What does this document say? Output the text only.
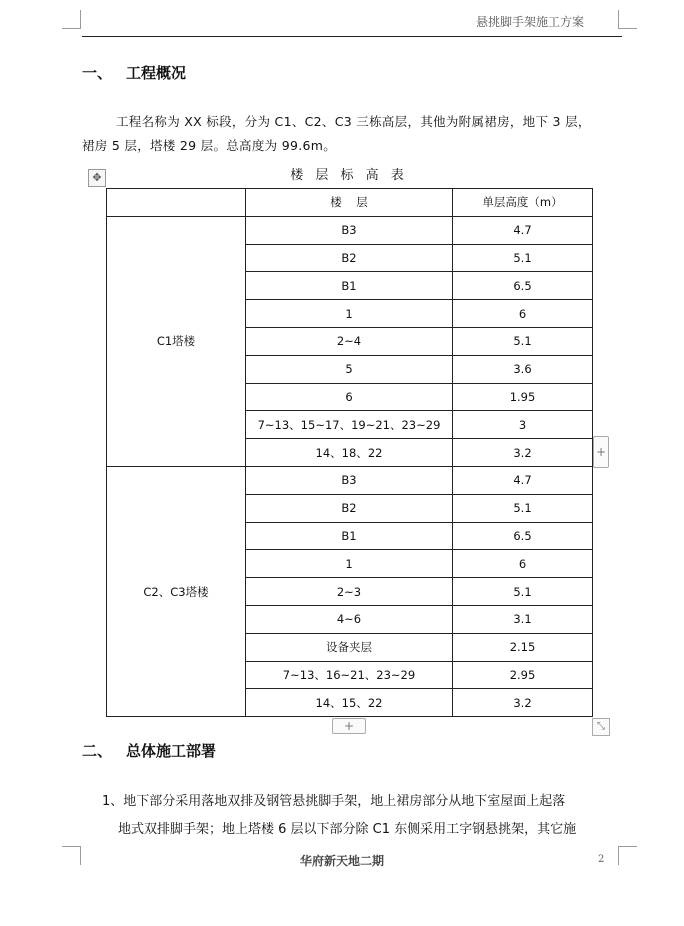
悬挑脚手架施工方案
一、 工程概况
工程名称为 XX 标段，分为 C1、C2、C3 三栋高层，其他为附属裙房，地下 3 层，
裙房 5 层，塔楼 29 层。总高度为 99.6m。
楼 层 标 高 表
✥
+
+	⤡
	楼    层	单层高度（m）
C1塔楼	B3	4.7
	B2	5.1
	B1	6.5
	1	6
	2~4	5.1
	5	3.6
	6	1.95
	7~13、15~17、19~21、23~29	3
	14、18、22	3.2
C2、C3塔楼	B3	4.7
	B2	5.1
	B1	6.5
	1	6
	2~3	5.1
	4~6	3.1
	设备夹层	2.15
	7~13、16~21、23~29	2.95
	14、15、22	3.2
二、 总体施工部署
1、地下部分采用落地双排及钢管悬挑脚手架，地上裙房部分从地下室屋面上起落
地式双排脚手架；地上塔楼 6 层以下部分除 C1 东侧采用工字钢悬挑架，其它施
华府新天地二期	2
